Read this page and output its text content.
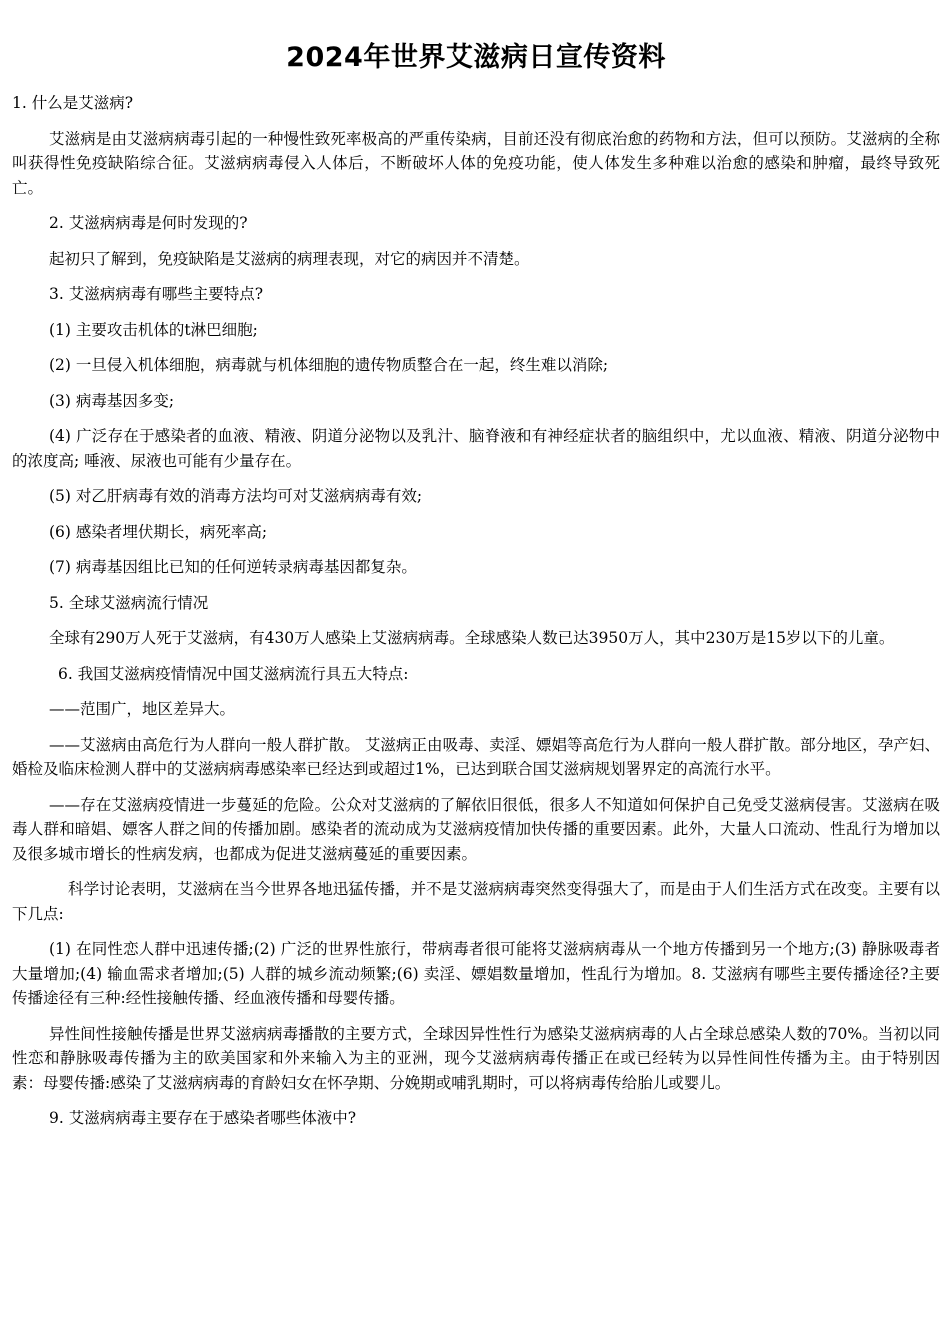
2024年世界艾滋病日宣传资料
1. 什么是艾滋病?
艾滋病是由艾滋病病毒引起的一种慢性致死率极高的严重传染病，目前还没有彻底治愈的药物和方法，但可以预防。艾滋病的全称叫获得性免疫缺陷综合征。艾滋病病毒侵入人体后，不断破坏人体的免疫功能，使人体发生多种难以治愈的感染和肿瘤，最终导致死亡。
2. 艾滋病病毒是何时发现的?
起初只了解到，免疫缺陷是艾滋病的病理表现，对它的病因并不清楚。
3. 艾滋病病毒有哪些主要特点?
(1) 主要攻击机体的t淋巴细胞;
(2) 一旦侵入机体细胞，病毒就与机体细胞的遗传物质整合在一起，终生难以消除;
(3) 病毒基因多变;
(4) 广泛存在于感染者的血液、精液、阴道分泌物以及乳汁、脑脊液和有神经症状者的脑组织中，尤以血液、精液、阴道分泌物中的浓度高; 唾液、尿液也可能有少量存在。
(5) 对乙肝病毒有效的消毒方法均可对艾滋病病毒有效;
(6) 感染者埋伏期长，病死率高;
(7) 病毒基因组比已知的任何逆转录病毒基因都复杂。
5. 全球艾滋病流行情况
全球有290万人死于艾滋病，有430万人感染上艾滋病病毒。全球感染人数已达3950万人，其中230万是15岁以下的儿童。
6. 我国艾滋病疫情情况中国艾滋病流行具五大特点:
——范围广，地区差异大。
——艾滋病由高危行为人群向一般人群扩散。 艾滋病正由吸毒、卖淫、嫖娼等高危行为人群向一般人群扩散。部分地区，孕产妇、婚检及临床检测人群中的艾滋病病毒感染率已经达到或超过1%，已达到联合国艾滋病规划署界定的高流行水平。
——存在艾滋病疫情进一步蔓延的危险。公众对艾滋病的了解依旧很低，很多人不知道如何保护自己免受艾滋病侵害。艾滋病在吸毒人群和暗娼、嫖客人群之间的传播加剧。感染者的流动成为艾滋病疫情加快传播的重要因素。此外，大量人口流动、性乱行为增加以及很多城市增长的性病发病，也都成为促进艾滋病蔓延的重要因素。
科学讨论表明，艾滋病在当今世界各地迅猛传播，并不是艾滋病病毒突然变得强大了，而是由于人们生活方式在改变。主要有以下几点:
(1) 在同性恋人群中迅速传播;(2) 广泛的世界性旅行，带病毒者很可能将艾滋病病毒从一个地方传播到另一个地方;(3) 静脉吸毒者大量增加;(4) 输血需求者增加;(5) 人群的城乡流动频繁;(6) 卖淫、嫖娼数量增加，性乱行为增加。8. 艾滋病有哪些主要传播途径?主要传播途径有三种:经性接触传播、经血液传播和母婴传播。
异性间性接触传播是世界艾滋病病毒播散的主要方式，全球因异性性行为感染艾滋病病毒的人占全球总感染人数的70%。当初以同性恋和静脉吸毒传播为主的欧美国家和外来输入为主的亚洲，现今艾滋病病毒传播正在或已经转为以异性间性传播为主。由于特别因素：母婴传播:感染了艾滋病病毒的育龄妇女在怀孕期、分娩期或哺乳期时，可以将病毒传给胎儿或婴儿。
9. 艾滋病病毒主要存在于感染者哪些体液中?
